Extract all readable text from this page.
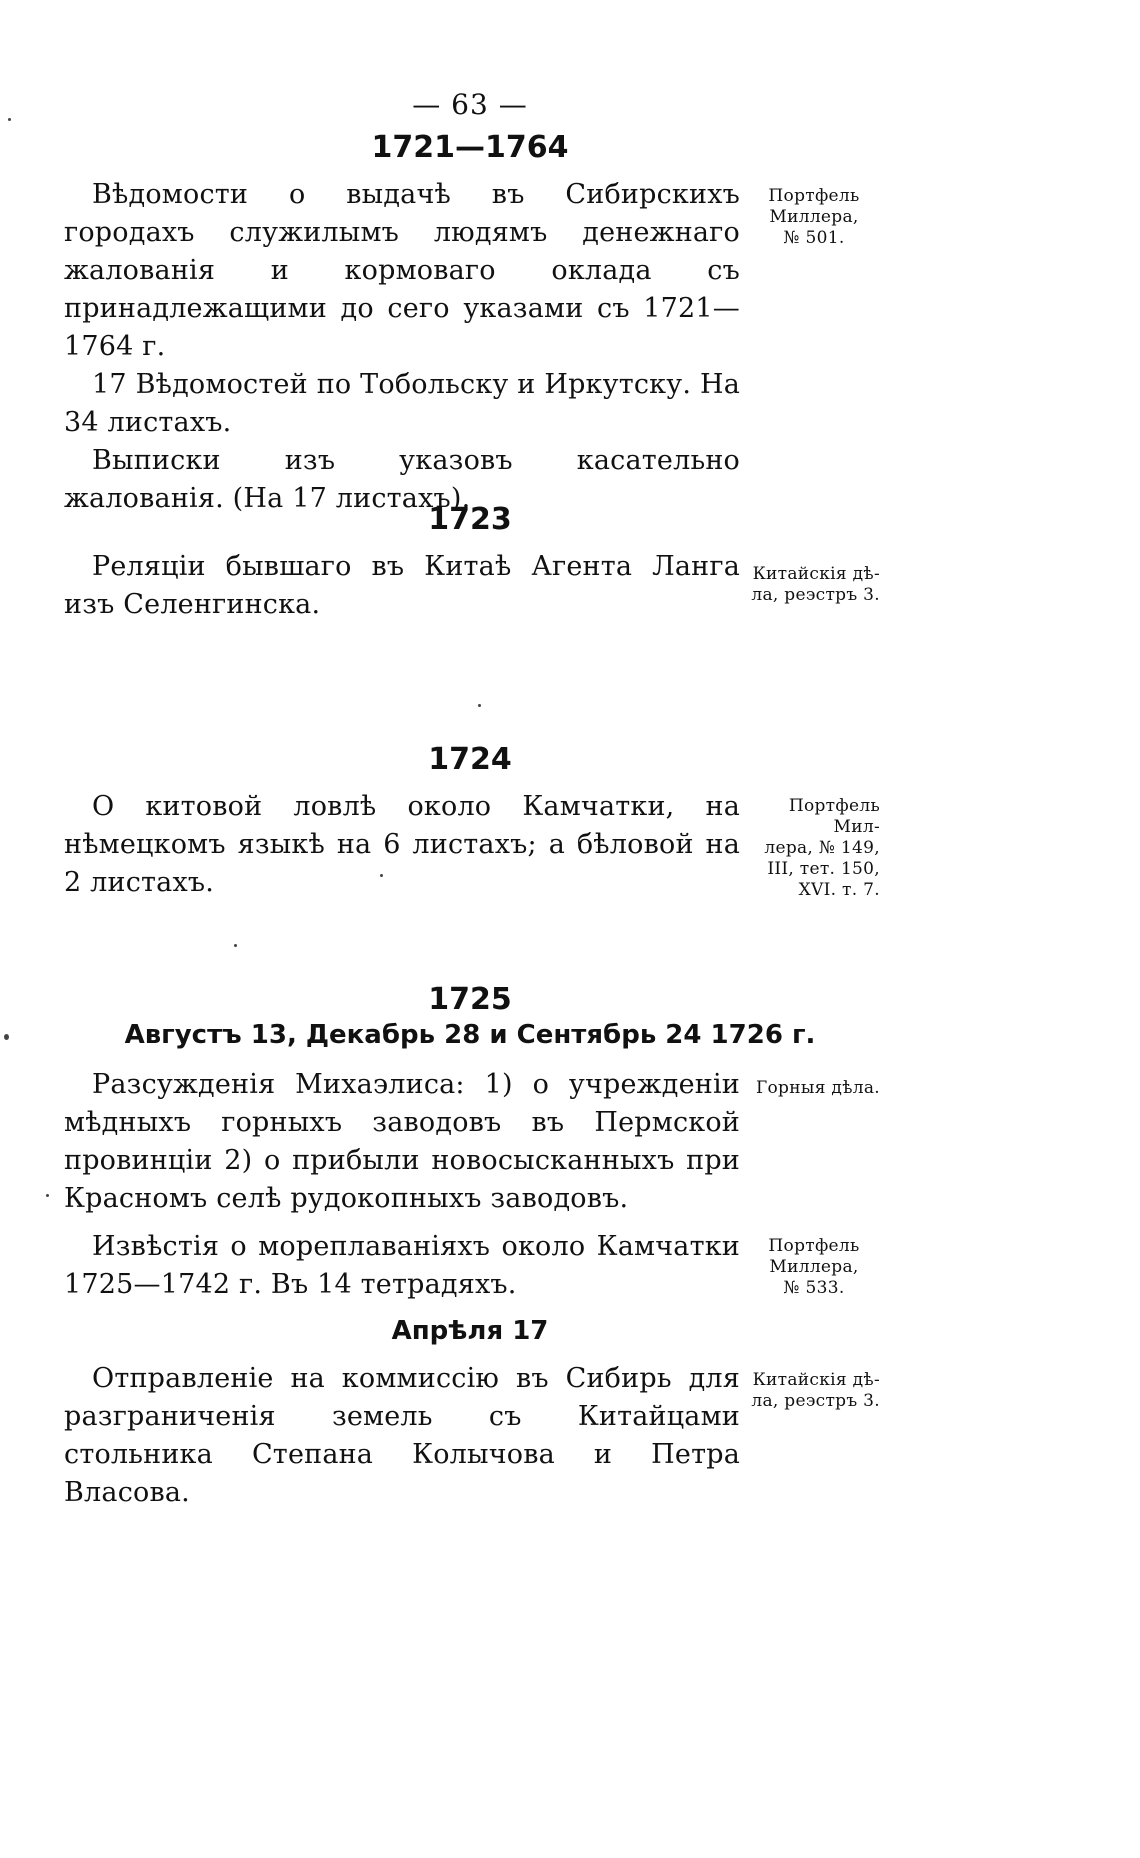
— 63 —
1721—1764

Вѣдомости о выдачѣ въ Сибирскихъ городахъ служилымъ людямъ денежнаго жалованія и кормоваго оклада съ принадлежащими до сего указами съ 1721—1764 г.

17 Вѣдомостей по Тобольску и Иркутску. На 34 листахъ.

Выписки изъ указовъ касательно жалованія. (На 17 листахъ).

Портфель
Миллера,
№ 501.
1723

Реляціи бывшаго въ Китаѣ Агента Ланга изъ Селенгинска.

Китайскія дѣ-
ла, реэстръ 3.
1724

О китовой ловлѣ около Камчатки, на нѣмецкомъ языкѣ на 6 листахъ; а бѣловой на 2 листахъ.

Портфель Мил-
лера, № 149,
III, тет. 150,
XVI. т. 7.
1725
Августъ 13, Декабрь 28 и Сентябрь 24 1726 г.

Разсужденія Михаэлиса: 1) о учрежденіи мѣдныхъ горныхъ заводовъ въ Пермской провинціи 2) о прибыли новосысканныхъ при Красномъ селѣ рудокопныхъ заводовъ.

Горныя дѣла.

Извѣстія о мореплаваніяхъ около Камчатки 1725—1742 г. Въ 14 тетрадяхъ.

Портфель
Миллера,
№ 533.
Апрѣля 17

Отправленіе на коммиссію въ Сибирь для разграниченія земель съ Китайцами стольника Степана Колычова и Петра Власова.

Китайскія дѣ-
ла, реэстръ 3.
